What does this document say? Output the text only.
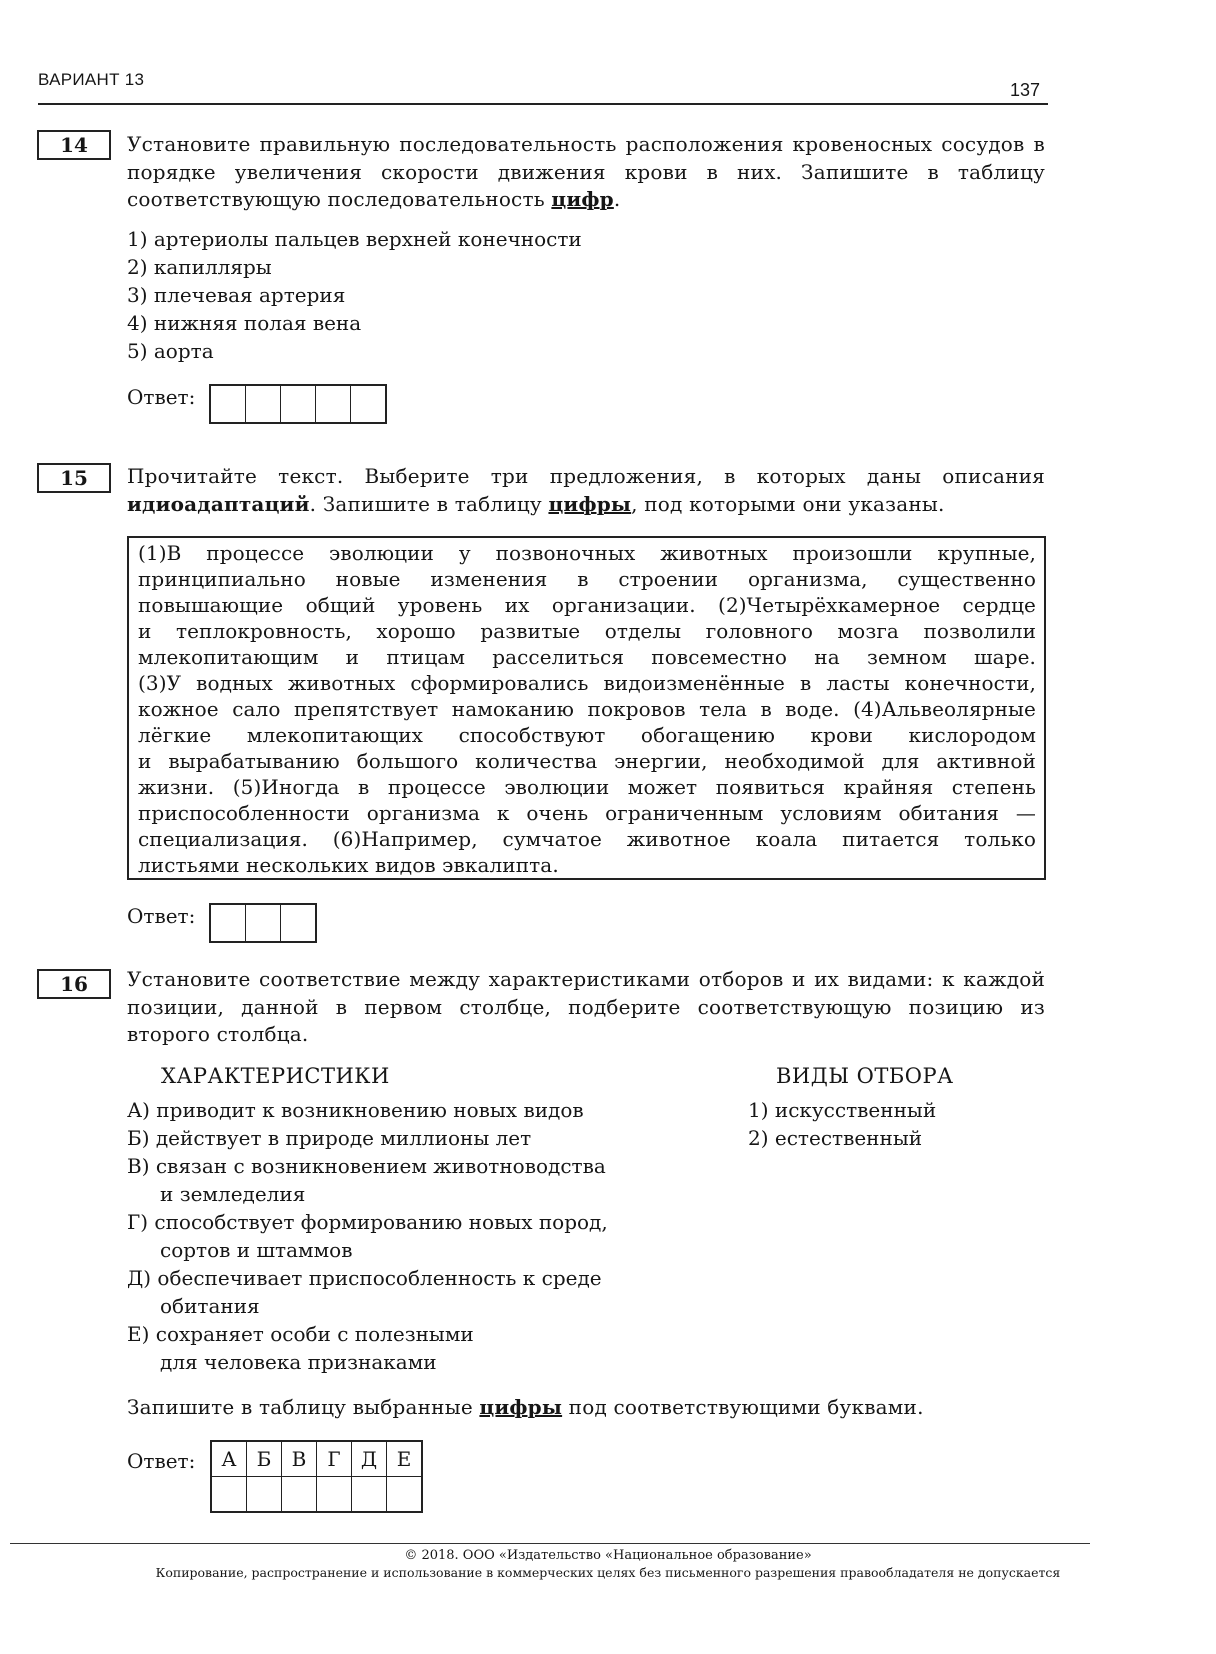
ВАРИАНТ 13
137
14	Установите правильную последовательность расположения кровеносных сосудов в порядке увеличения скорости движения крови в них. Запишите в таблицу соответствующую последовательность цифр.
1) артериолы пальцев верхней конечности
2) капилляры
3) плечевая артерия
4) нижняя полая вена
5) аорта
Ответ:
15	Прочитайте текст. Выберите три предложения, в которых даны описания идиоадаптаций. Запишите в таблицу цифры, под которыми они указаны.
(1)В процессе эволюции у позвоночных животных произошли крупные,
принципиально новые изменения в строении организма, существенно
повышающие общий уровень их организации. (2)Четырёхкамерное сердце
и теплокровность, хорошо развитые отделы головного мозга позволили
млекопитающим и птицам расселиться повсеместно на земном шаре.
(3)У водных животных сформировались видоизменённые в ласты конечности,
кожное сало препятствует намоканию покровов тела в воде. (4)Альвеолярные
лёгкие млекопитающих способствуют обогащению крови кислородом
и вырабатыванию большого количества энергии, необходимой для активной
жизни. (5)Иногда в процессе эволюции может появиться крайняя степень
приспособленности организма к очень ограниченным условиям обитания —
специализация. (6)Например, сумчатое животное коала питается только
листьями нескольких видов эвкалипта.
Ответ:
16	Установите соответствие между характеристиками отборов и их видами: к каждой позиции, данной в первом столбце, подберите соответствующую позицию из второго столбца.
ХАРАКТЕРИСТИКИ	ВИДЫ ОТБОРА
А) приводит к возникновению новых видов
Б) действует в природе миллионы лет
В) связан с возникновением животноводства
и земледелия
Г) способствует формированию новых пород,
сортов и штаммов
Д) обеспечивает приспособленность к среде
обитания
Е) сохраняет особи с полезными
для человека признаками
1) искусственный
2) естественный
Запишите в таблицу выбранные цифры под соответствующими буквами.
Ответ: А	Б	В	Г	Д	Е

© 2018. ООО «Издательство «Национальное образование»
Копирование, распространение и использование в коммерческих целях без письменного разрешения правообладателя не допускается
